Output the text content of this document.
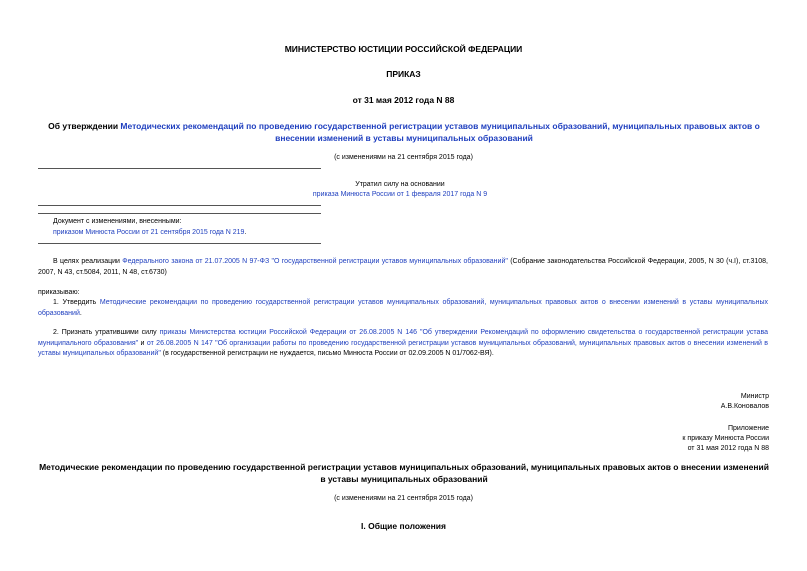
МИНИСТЕРСТВО ЮСТИЦИИ РОССИЙСКОЙ ФЕДЕРАЦИИ
ПРИКАЗ
от 31 мая 2012 года N 88
Об утверждении Методических рекомендаций по проведению государственной регистрации уставов муниципальных образований, муниципальных правовых актов о внесении изменений в уставы муниципальных образований
(с изменениями на 21 сентября 2015 года)
Утратил силу на основании
приказа Минюста России от 1 февраля 2017 года N 9
Документ с изменениями, внесенными:
приказом Минюста России от 21 сентября 2015 года N 219.
В целях реализации Федерального закона от 21.07.2005 N 97-ФЗ "О государственной регистрации уставов муниципальных образований" (Собрание законодательства Российской Федерации, 2005, N 30 (ч.I), ст.3108, 2007, N 43, ст.5084, 2011, N 48, ст.6730)
приказываю:
1. Утвердить Методические рекомендации по проведению государственной регистрации уставов муниципальных образований, муниципальных правовых актов о внесении изменений в уставы муниципальных образований.
2. Признать утратившими силу приказы Министерства юстиции Российской Федерации от 26.08.2005 N 146 "Об утверждении Рекомендаций по оформлению свидетельства о государственной регистрации устава муниципального образования" и от 26.08.2005 N 147 "Об организации работы по проведению государственной регистрации уставов муниципальных образований, муниципальных правовых актов о внесении изменений в уставы муниципальных образований" (в государственной регистрации не нуждается, письмо Минюста России от 02.09.2005 N 01/7062-ВЯ).
Министр
А.В.Коновалов
Приложение
к приказу Минюста России
от 31 мая 2012 года N 88
Методические рекомендации по проведению государственной регистрации уставов муниципальных образований, муниципальных правовых актов о внесении изменений в уставы муниципальных образований
(с изменениями на 21 сентября 2015 года)
I. Общие положения
